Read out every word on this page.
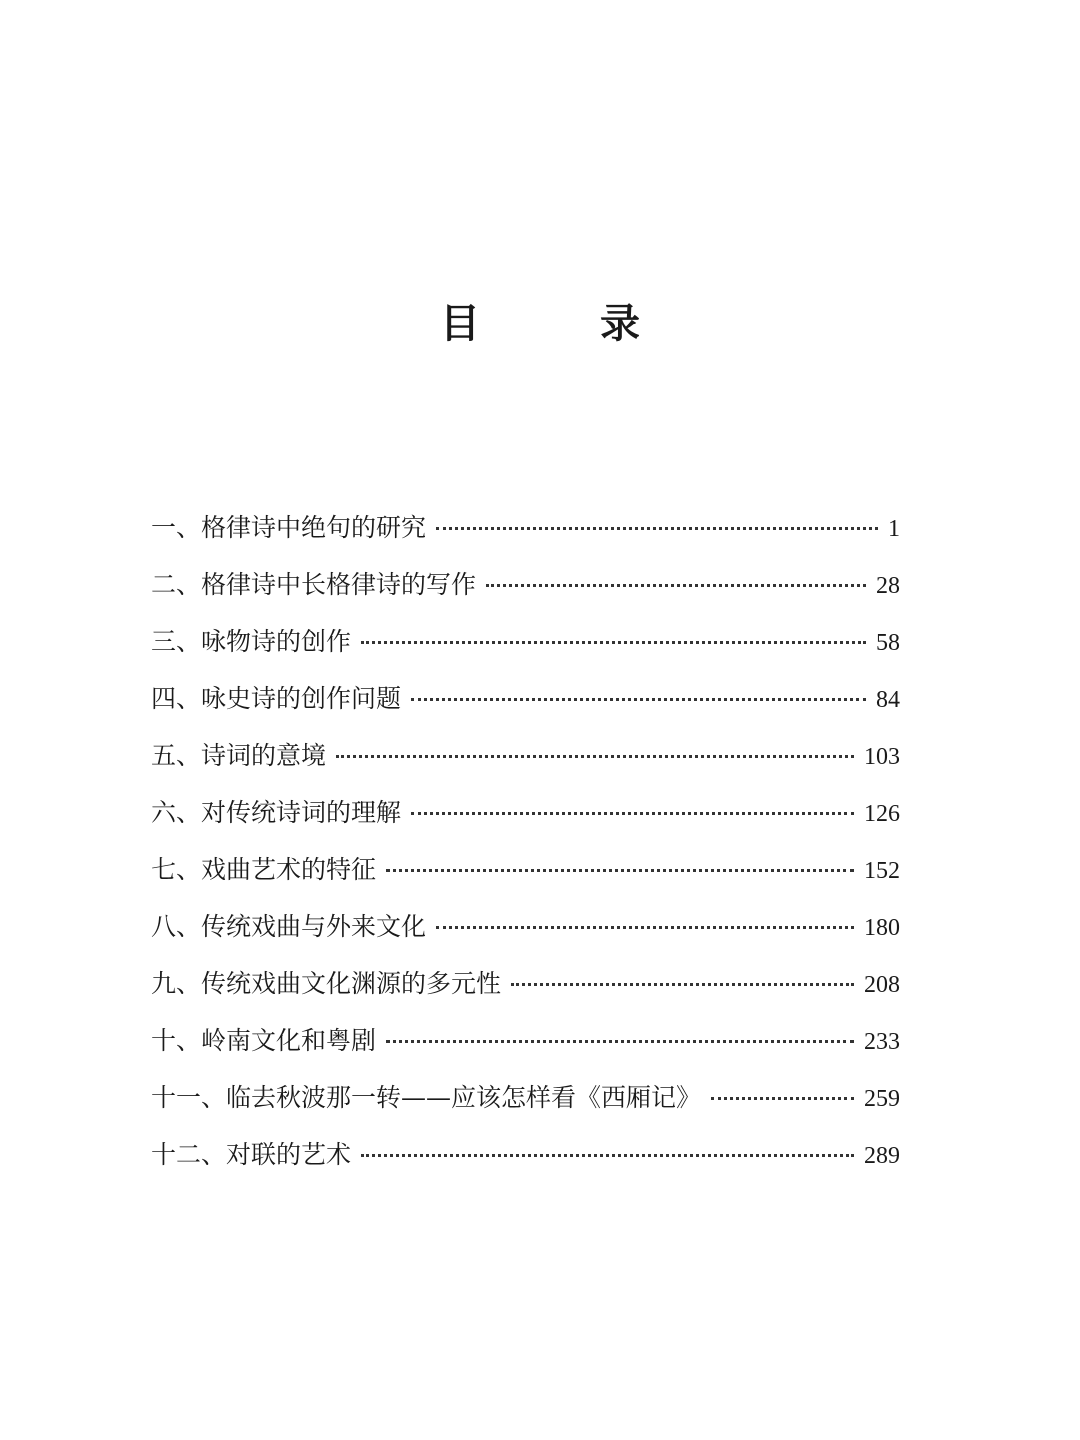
目　录
一、格律诗中绝句的研究	1
二、格律诗中长格律诗的写作	28
三、咏物诗的创作	58
四、咏史诗的创作问题	84
五、诗词的意境	103
六、对传统诗词的理解	126
七、戏曲艺术的特征	152
八、传统戏曲与外来文化	180
九、传统戏曲文化渊源的多元性	208
十、岭南文化和粤剧	233
十一、临去秋波那一转——应该怎样看《西厢记》	259
十二、对联的艺术	289
